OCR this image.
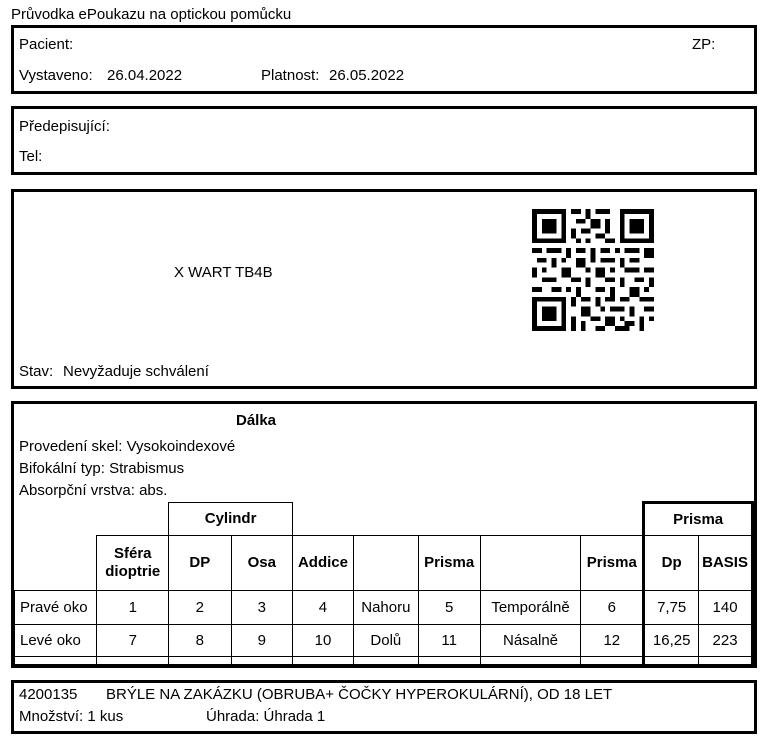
Průvodka ePoukazu na optickou pomůcku
Pacient:	ZP:
Vystaveno: 26.04.2022	Platnost: 26.05.2022
Předepisující:
Tel:
X WART TB4B
Stav: Nevyžaduje schválení
Dálka
Provedení skel: Vysokoindexové
Bifokální typ: Strabismus
Absorpční vrstva: abs.
		Cylindr							Prisma	

	Sféra
dioptrie	DP	Osa	Addice		Prisma		Prisma	Dp	BASIS
Pravé oko	1	2	3	4	Nahoru	5	Temporálně	6	7,75	140
Levé oko	7	8	9	10	Dolů	11	Násalně	12	16,25	223

4200135 BRÝLE NA ZAKÁZKU (OBRUBA+ ČOČKY HYPEROKULÁRNÍ), OD 18 LET
Množství: 1 kus	Úhrada: Úhrada 1
